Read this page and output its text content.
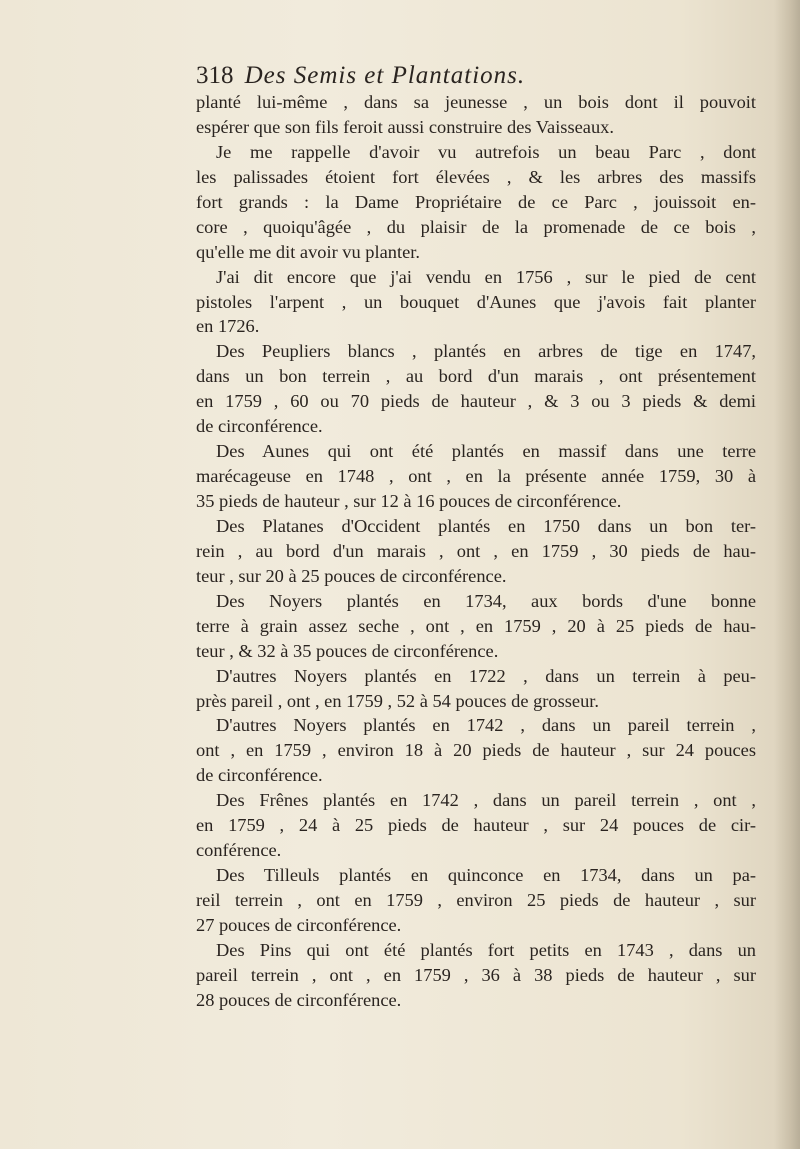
318 Des Semis et Plantations.
planté lui-même , dans sa jeunesse , un bois dont il pouvoit
espérer que son fils feroit aussi construire des Vaisseaux.
Je me rappelle d'avoir vu autrefois un beau Parc , dont
les palissades étoient fort élevées , & les arbres des massifs
fort grands : la Dame Propriétaire de ce Parc , jouissoit en-
core , quoiqu'âgée , du plaisir de la promenade de ce bois ,
qu'elle me dit avoir vu planter.
J'ai dit encore que j'ai vendu en 1756 , sur le pied de cent
pistoles l'arpent , un bouquet d'Aunes que j'avois fait planter
en 1726.
Des Peupliers blancs , plantés en arbres de tige en 1747,
dans un bon terrein , au bord d'un marais , ont présentement
en 1759 , 60 ou 70 pieds de hauteur , & 3 ou 3 pieds & demi
de circonférence.
Des Aunes qui ont été plantés en massif dans une terre
marécageuse en 1748 , ont , en la présente année 1759, 30 à
35 pieds de hauteur , sur 12 à 16 pouces de circonférence.
Des Platanes d'Occident plantés en 1750 dans un bon ter-
rein , au bord d'un marais , ont , en 1759 , 30 pieds de hau-
teur , sur 20 à 25 pouces de circonférence.
Des Noyers plantés en 1734, aux bords d'une bonne
terre à grain assez seche , ont , en 1759 , 20 à 25 pieds de hau-
teur , & 32 à 35 pouces de circonférence.
D'autres Noyers plantés en 1722 , dans un terrein à peu-
près pareil , ont , en 1759 , 52 à 54 pouces de grosseur.
D'autres Noyers plantés en 1742 , dans un pareil terrein ,
ont , en 1759 , environ 18 à 20 pieds de hauteur , sur 24 pouces
de circonférence.
Des Frênes plantés en 1742 , dans un pareil terrein , ont ,
en 1759 , 24 à 25 pieds de hauteur , sur 24 pouces de cir-
conférence.
Des Tilleuls plantés en quinconce en 1734, dans un pa-
reil terrein , ont en 1759 , environ 25 pieds de hauteur , sur
27 pouces de circonférence.
Des Pins qui ont été plantés fort petits en 1743 , dans un
pareil terrein , ont , en 1759 , 36 à 38 pieds de hauteur , sur
28 pouces de circonférence.
